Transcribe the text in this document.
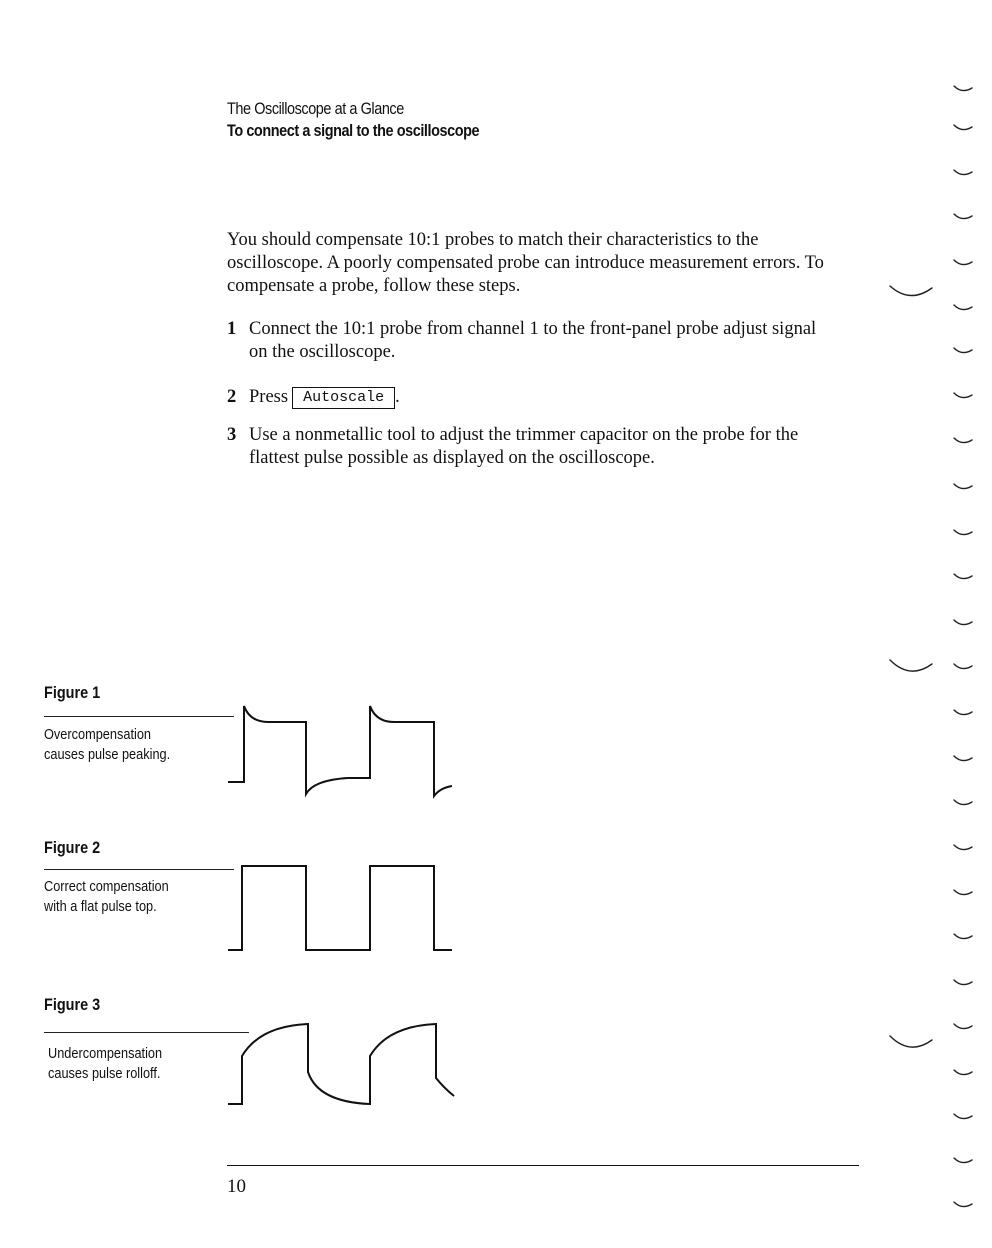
The Oscilloscope at a Glance
To connect a signal to the oscilloscope

You should compensate 10:1 probes to match their characteristics to the oscilloscope. A poorly compensated probe can introduce measurement errors. To compensate a probe, follow these steps.

1 Connect the 10:1 probe from channel 1 to the front-panel probe adjust signal on the oscilloscope.
2 Press Autoscale .
3 Use a nonmetallic tool to adjust the trimmer capacitor on the probe for the flattest pulse possible as displayed on the oscilloscope.
Figure 1
Overcompensation
causes pulse peaking.
Figure 2
Correct compensation
with a flat pulse top.
Figure 3
Undercompensation
causes pulse rolloff.
10
